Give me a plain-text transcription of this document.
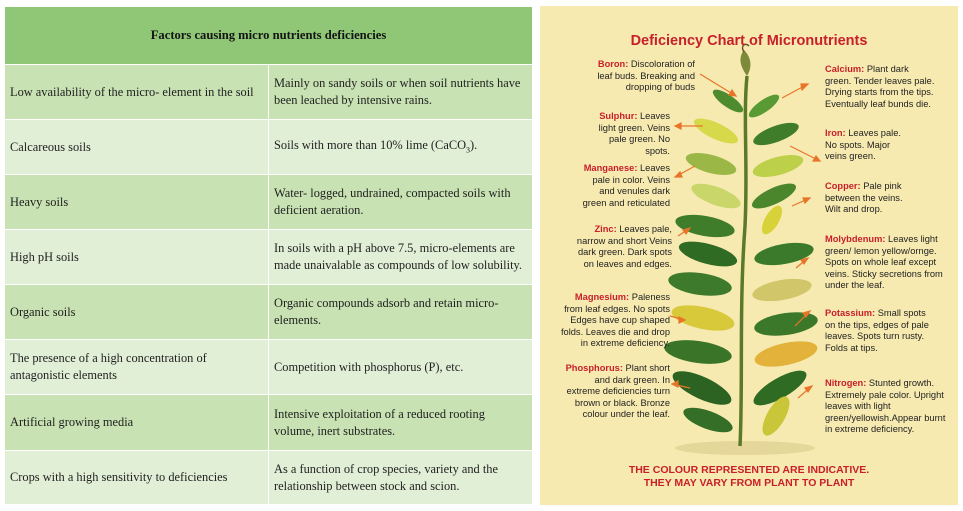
Factors causing micro nutrients deficiencies	
Low availability of the micro- element in the soil	Mainly on sandy soils or when soil nutrients have been leached by intensive rains.
Calcareous soils	Soils with more than 10% lime (CaCO$_3$).
Heavy soils	Water- logged, undrained, compacted soils with deficient aeration.
High pH soils	In soils with a pH above 7.5, micro-elements are made unaivalable as compounds of low solubility.
Organic soils	Organic compounds adsorb and retain micro- elements.
The presence of a high concentration of antagonistic elements	Competition with phosphorus (P), etc.
Artificial growing media	Intensive exploitation of a reduced rooting volume, inert substrates.
Crops with a high sensitivity to deficiencies	As a function of crop species, variety and the relationship between stock and scion.
Deficiency Chart of Micronutrients
Boron: Discoloration of leaf buds. Breaking and dropping of buds
Sulphur: Leaves light green. Veins pale green. No spots.
Manganese: Leaves pale in color. Veins and venules dark green and reticulated
Zinc: Leaves pale, narrow and short Veins dark green. Dark spots on leaves and edges.
Magnesium: Paleness from leaf edges. No spots Edges have cup shaped folds. Leaves die and drop in extreme deficiency.
Phosphorus: Plant short and dark green. In extreme deficiencies turn brown or black. Bronze colour under the leaf.
Calcium: Plant dark green. Tender leaves pale. Drying starts from the tips. Eventually leaf bunds die.
Iron: Leaves pale. No spots. Major veins green.
Copper: Pale pink between the veins. Wilt and drop.
Molybdenum: Leaves light green/ lemon yellow/ornge. Spots on whole leaf except veins. Sticky secretions from under the leaf.
Potassium: Small spots on the tips, edges of pale leaves. Spots turn rusty. Folds at tips.
Nitrogen: Stunted growth. Extremely pale color. Upright leaves with light green/yellowish.Appear burnt in extreme deficiency.
THE COLOUR REPRESENTED ARE INDICATIVE.
THEY MAY VARY FROM PLANT TO PLANT
